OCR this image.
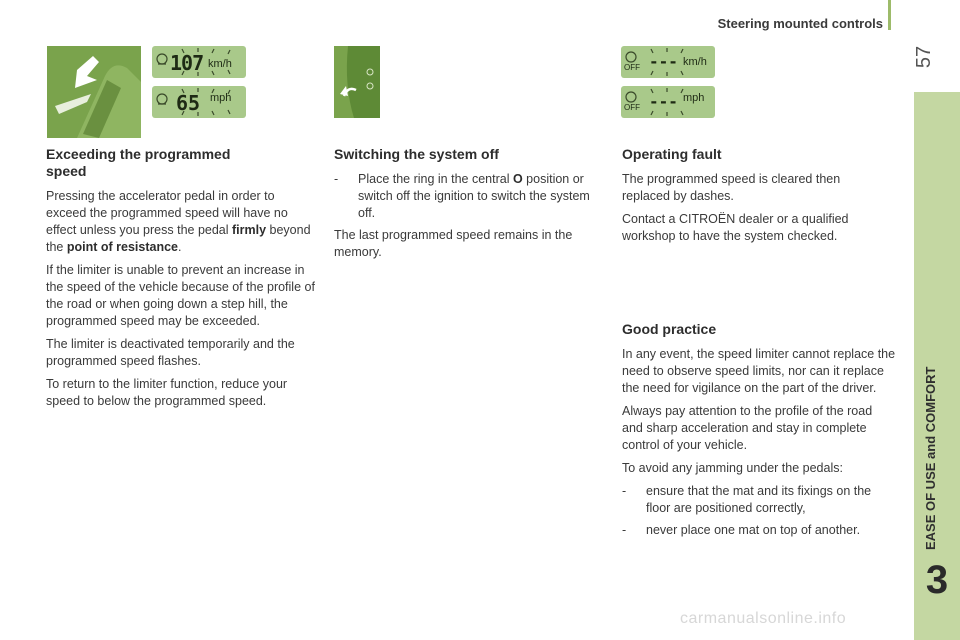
Steering mounted controls
57
EASE OF USE and COMFORT
3
107 km/h
65 mph
OFF --- km/h
OFF --- mph
Exceeding the programmed speed

Pressing the accelerator pedal in order to exceed the programmed speed will have no effect unless you press the pedal firmly beyond the point of resistance.

If the limiter is unable to prevent an increase in the speed of the vehicle because of the profile of the road or when going down a step hill, the programmed speed may be exceeded.

The limiter is deactivated temporarily and the programmed speed flashes.

To return to the limiter function, reduce your speed to below the programmed speed.

Switching the system off
- Place the ring in the central O position or switch off the ignition to switch the system off.

The last programmed speed remains in the memory.

Operating fault

The programmed speed is cleared then replaced by dashes.

Contact a CITROËN dealer or a qualified workshop to have the system checked.

Good practice

In any event, the speed limiter cannot replace the need to observe speed limits, nor can it replace the need for vigilance on the part of the driver.

Always pay attention to the profile of the road and sharp acceleration and stay in complete control of your vehicle.

To avoid any jamming under the pedals:

- ensure that the mat and its fixings on the floor are positioned correctly,
- never place one mat on top of another.
carmanualsonline.info
